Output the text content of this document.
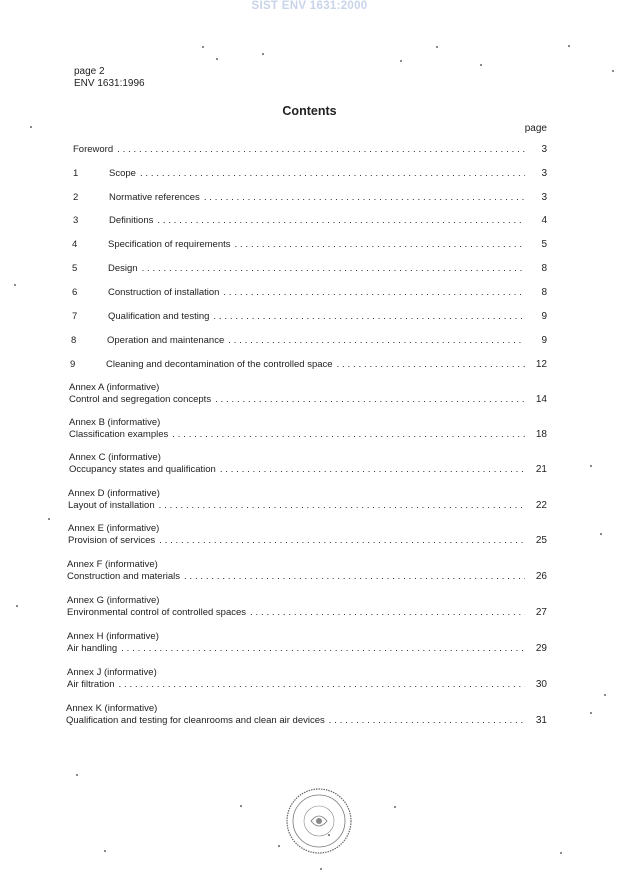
SIST ENV 1631:2000
page 2
ENV 1631:1996
Contents
page
Foreword . . .	3
1	Scope . . .	3
2	Normative references . . .	3
3	Definitions . . .	4
4	Specification of requirements . . .	5
5	Design . . .	8
6	Construction of installation . . .	8
7	Qualification and testing . . .	9
8	Operation and maintenance . . .	9
9	Cleaning and decontamination of the controlled space . . .	12
Annex A (informative)
Control and segregation concepts . . .	14
Annex B (informative)
Classification examples . . .	18
Annex C (informative)
Occupancy states and qualification . . .	21
Annex D (informative)
Layout of installation . . .	22
Annex E (informative)
Provision of services . . .	25
Annex F (informative)
Construction and materials . . .	26
Annex G (informative)
Environmental control of controlled spaces . . .	27
Annex H (informative)
Air handling . . .	29
Annex J (informative)
Air filtration . . .	30
Annex K (informative)
Qualification and testing for cleanrooms and clean air devices . . .	31
